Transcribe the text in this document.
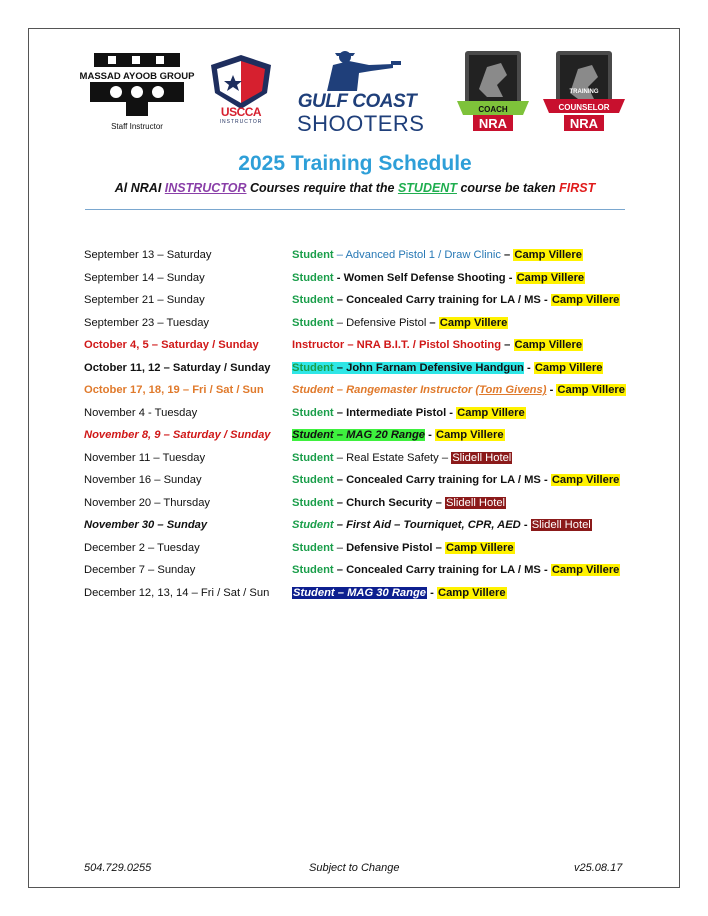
MASSAD AYOOB GROUP
Staff Instructor
USCCA
INSTRUCTOR
GULF COAST
SHOOTERS
COACH
NRA
TRAINING
COUNSELOR
NRA
2025 Training Schedule
Al NRAI INSTRUCTOR Courses require that the STUDENT course be taken FIRST
September 13 – Saturday	Student – Advanced Pistol 1 / Draw Clinic – Camp Villere
September 14 – Sunday	Student - Women Self Defense Shooting - Camp Villere
September 21 – Sunday	Student – Concealed Carry training for LA / MS - Camp Villere
September 23 – Tuesday	Student – Defensive Pistol – Camp Villere
October 4, 5 – Saturday / Sunday	Instructor – NRA B.I.T. / Pistol Shooting – Camp Villere
October 11, 12 – Saturday / Sunday Student – John Farnam Defensive Handgun - Camp Villere
October 17, 18, 19 – Fri / Sat / Sun	Student – Rangemaster Instructor (Tom Givens) - Camp Villere
November 4 - Tuesday	Student – Intermediate Pistol - Camp Villere
November 8, 9 – Saturday / Sunday Student – MAG 20 Range - Camp Villere
November 11 – Tuesday	Student – Real Estate Safety – Slidell Hotel
November 16 – Sunday	Student – Concealed Carry training for LA / MS - Camp Villere
November 20 – Thursday	Student – Church Security – Slidell Hotel
November 30 – Sunday	Student – First Aid – Tourniquet, CPR, AED - Slidell Hotel
December 2 – Tuesday	Student – Defensive Pistol – Camp Villere
December 7 – Sunday	Student – Concealed Carry training for LA / MS - Camp Villere
December 12, 13, 14 – Fri / Sat / Sun Student – MAG 30 Range - Camp Villere
504.729.0255	Subject to Change	v25.08.17
